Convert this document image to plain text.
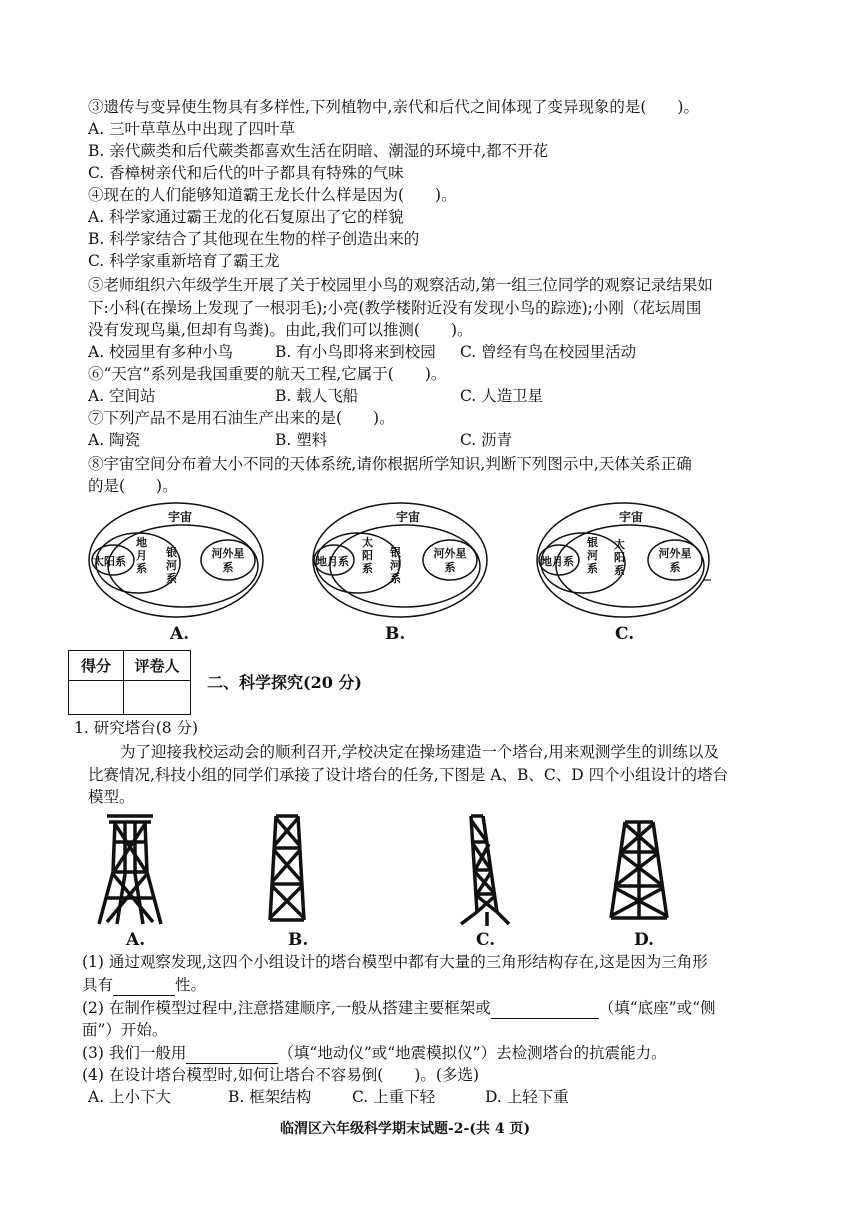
③遗传与变异使生物具有多样性,下列植物中,亲代和后代之间体现了变异现象的是(　　)。
A. 三叶草草丛中出现了四叶草
B. 亲代蕨类和后代蕨类都喜欢生活在阴暗、潮湿的环境中,都不开花
C. 香樟树亲代和后代的叶子都具有特殊的气味
④现在的人们能够知道霸王龙长什么样是因为(　　)。
A. 科学家通过霸王龙的化石复原出了它的样貌
B. 科学家结合了其他现在生物的样子创造出来的
C. 科学家重新培育了霸王龙
⑤老师组织六年级学生开展了关于校园里小鸟的观察活动,第一组三位同学的观察记录结果如
下:小科(在操场上发现了一根羽毛);小亮(教学楼附近没有发现小鸟的踪迹);小刚（花坛周围
没有发现鸟巢,但却有鸟粪)。由此,我们可以推测(　　)。
A. 校园里有多种小鸟	B. 有小鸟即将来到校园 C. 曾经有鸟在校园里活动
⑥“天宫”系列是我国重要的航天工程,它属于(　　)。
A. 空间站	B. 载人飞船	C. 人造卫星
⑦下列产品不是用石油生产出来的是(　　)。
A. 陶瓷	B. 塑料	C. 沥青
⑧宇宙空间分布着大小不同的天体系统,请你根据所学知识,判断下列图示中,天体关系正确
的是(　　)。
宇宙
太阳系
地月系
银河系
河外星系
A.
宇宙
地月系
太阳系
银河系
河外星系
B.
宇宙
地月系
银河系
太阳系
河外星系
C.
得分	评卷人

二、科学探究(20 分)
1. 研究塔台(8 分)
为了迎接我校运动会的顺利召开,学校决定在操场建造一个塔台,用来观测学生的训练以及
比赛情况,科技小组的同学们承接了设计塔台的任务,下图是 A、B、C、D 四个小组设计的塔台
模型。
A.	B.	C.	D.
(1) 通过观察发现,这四个小组设计的塔台模型中都有大量的三角形结构存在,这是因为三角形
具有	性。
(2) 在制作模型过程中,注意搭建顺序,一般从搭建主要框架或	（填“底座”或“侧
面”）开始。
(3) 我们一般用	（填“地动仪”或“地震模拟仪”）去检测塔台的抗震能力。
(4) 在设计塔台模型时,如何让塔台不容易倒(　　)。(多选)
A. 上小下大	B. 框架结构	C. 上重下轻	D. 上轻下重
临渭区六年级科学期末试题-2-(共 4 页)
